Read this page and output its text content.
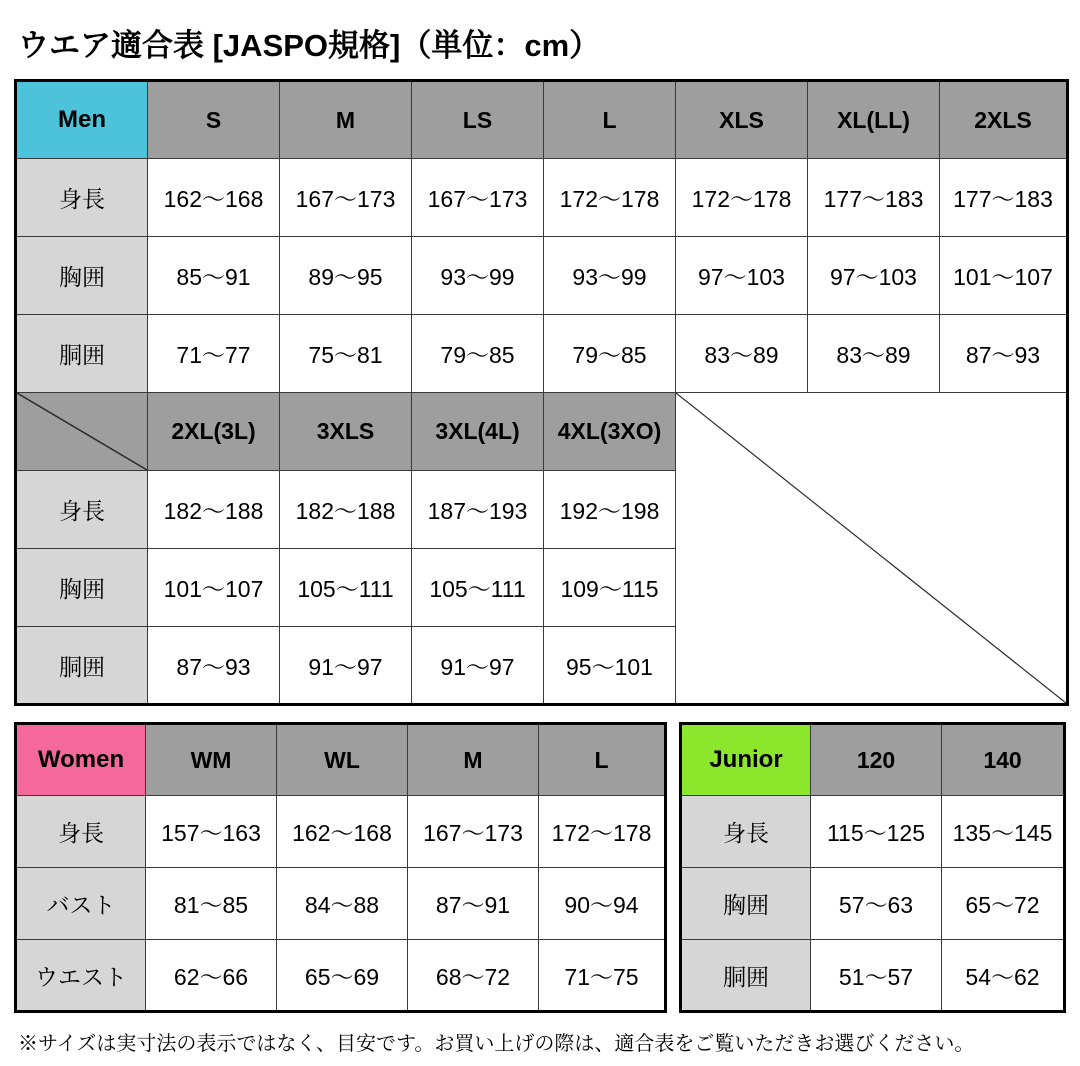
ウエア適合表 [JASPO規格]（単位：cm）
Men	S	M	LS	L	XLS	XL(LL)	2XLS
身長	162〜168	167〜173	167〜173	172〜178	172〜178	177〜183	177〜183
胸囲	85〜91	89〜95	93〜99	93〜99	97〜103	97〜103	101〜107
胴囲	71〜77	75〜81	79〜85	79〜85	83〜89	83〜89	87〜93

	2XL(3L)	3XLS	3XL(4L)	4XL(3XO)	

身長	182〜188	182〜188	187〜193	192〜198			
胸囲	101〜107	105〜111	105〜111	109〜115			
胴囲	87〜93	91〜97	91〜97	95〜101			
Women	WM	WL	M	L
身長	157〜163	162〜168	167〜173	172〜178
バスト	81〜85	84〜88	87〜91	90〜94
ウエスト	62〜66	65〜69	68〜72	71〜75
Junior	120	140
身長	115〜125	135〜145
胸囲	57〜63	65〜72
胴囲	51〜57	54〜62
※サイズは実寸法の表示ではなく、目安です。お買い上げの際は、適合表をご覧いただきお選びください。
